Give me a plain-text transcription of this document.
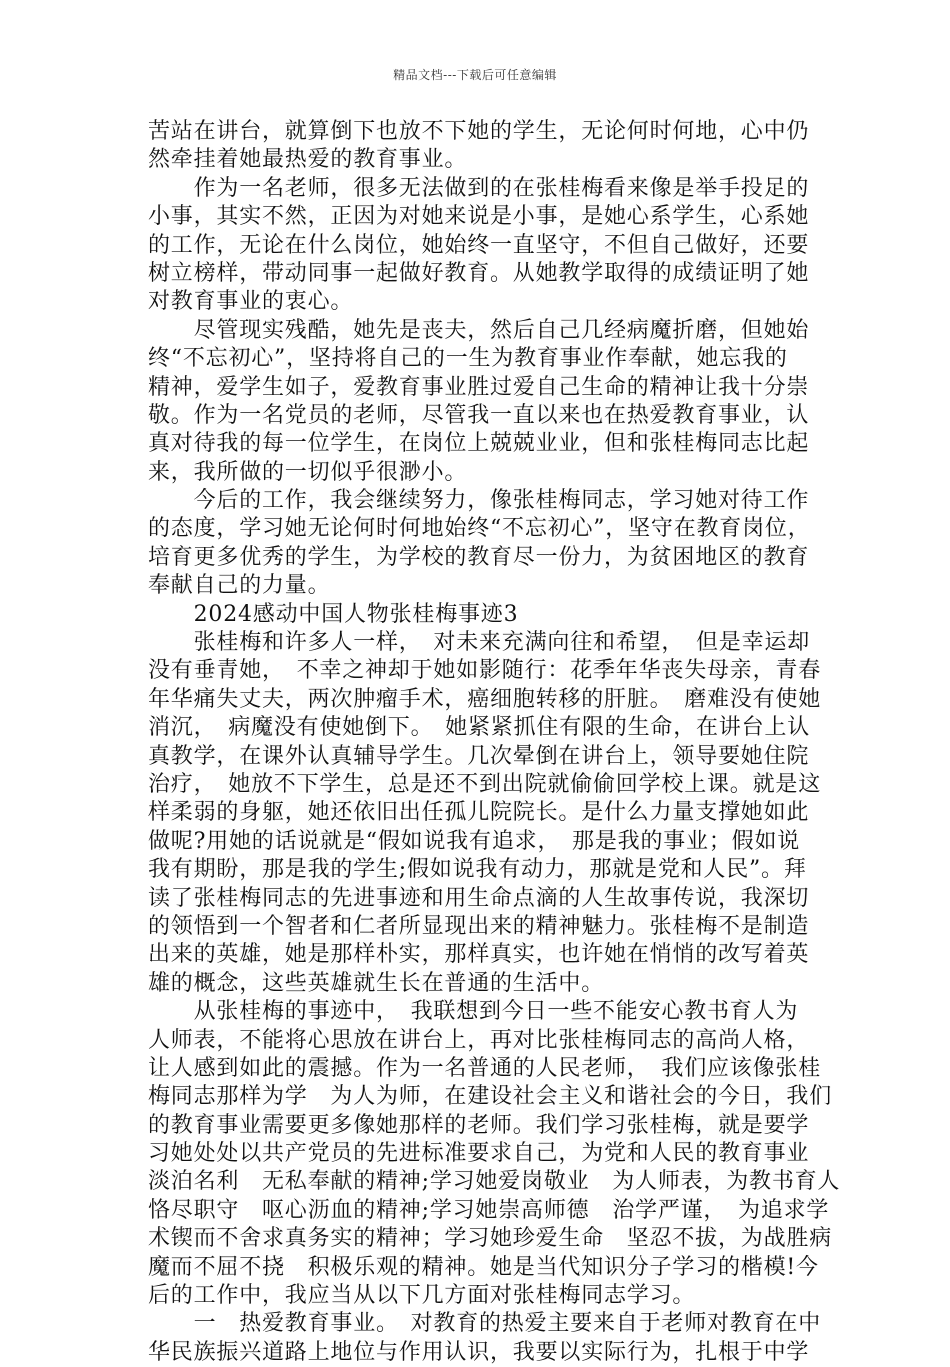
精品文档---下载后可任意编辑
苦站在讲台，就算倒下也放不下她的学生，无论何时何地，心中仍
然牵挂着她最热爱的教育事业。
　　作为一名老师，很多无法做到的在张桂梅看来像是举手投足的
小事，其实不然，正因为对她来说是小事，是她心系学生，心系她
的工作，无论在什么岗位，她始终一直坚守，不但自己做好，还要
树立榜样，带动同事一起做好教育。从她教学取得的成绩证明了她
对教育事业的衷心。
　　尽管现实残酷，她先是丧夫，然后自己几经病魔折磨，但她始
终“不忘初心”，坚持将自己的一生为教育事业作奉献，她忘我的
精神，爱学生如子，爱教育事业胜过爱自己生命的精神让我十分崇
敬。作为一名党员的老师，尽管我一直以来也在热爱教育事业，认
真对待我的每一位学生，在岗位上兢兢业业，但和张桂梅同志比起
来，我所做的一切似乎很渺小。
　　今后的工作，我会继续努力，像张桂梅同志，学习她对待工作
的态度，学习她无论何时何地始终“不忘初心”，坚守在教育岗位，
培育更多优秀的学生，为学校的教育尽一份力，为贫困地区的教育
奉献自己的力量。
　　2024感动中国人物张桂梅事迹3
　　张桂梅和许多人一样，　对未来充满向往和希望，　但是幸运却
没有垂青她，　不幸之神却于她如影随行：花季年华丧失母亲，青春
年华痛失丈夫，两次肿瘤手术，癌细胞转移的肝脏。　磨难没有使她
消沉，　病魔没有使她倒下。　她紧紧抓住有限的生命，在讲台上认
真教学，在课外认真辅导学生。几次晕倒在讲台上，领导要她住院
治疗，　她放不下学生，总是还不到出院就偷偷回学校上课。就是这
样柔弱的身躯，她还依旧出任孤儿院院长。是什么力量支撑她如此
做呢?用她的话说就是“假如说我有追求，　那是我的事业；假如说
我有期盼，那是我的学生;假如说我有动力，那就是党和人民”。拜
读了张桂梅同志的先进事迹和用生命点滴的人生故事传说，我深切
的领悟到一个智者和仁者所显现出来的精神魅力。张桂梅不是制造
出来的英雄，她是那样朴实，那样真实，也许她在悄悄的改写着英
雄的概念，这些英雄就生长在普通的生活中。
　　从张桂梅的事迹中，　我联想到今日一些不能安心教书育人为
人师表，不能将心思放在讲台上，再对比张桂梅同志的高尚人格，
让人感到如此的震撼。作为一名普通的人民老师，　我们应该像张桂
梅同志那样为学　为人为师，在建设社会主义和谐社会的今日，我们
的教育事业需要更多像她那样的老师。我们学习张桂梅，就是要学
习她处处以共产党员的先进标准要求自己，为党和人民的教育事业
淡泊名利　无私奉献的精神;学习她爱岗敬业　为人师表，为教书育人
恪尽职守　呕心沥血的精神;学习她崇高师德　治学严谨，　为追求学
术锲而不舍求真务实的精神；学习她珍爱生命　坚忍不拔，为战胜病
魔而不屈不挠　积极乐观的精神。她是当代知识分子学习的楷模!今
后的工作中，我应当从以下几方面对张桂梅同志学习。
　　一　热爱教育事业。　对教育的热爱主要来自于老师对教育在中
华民族振兴道路上地位与作用认识，我要以实际行为，扎根于中学
